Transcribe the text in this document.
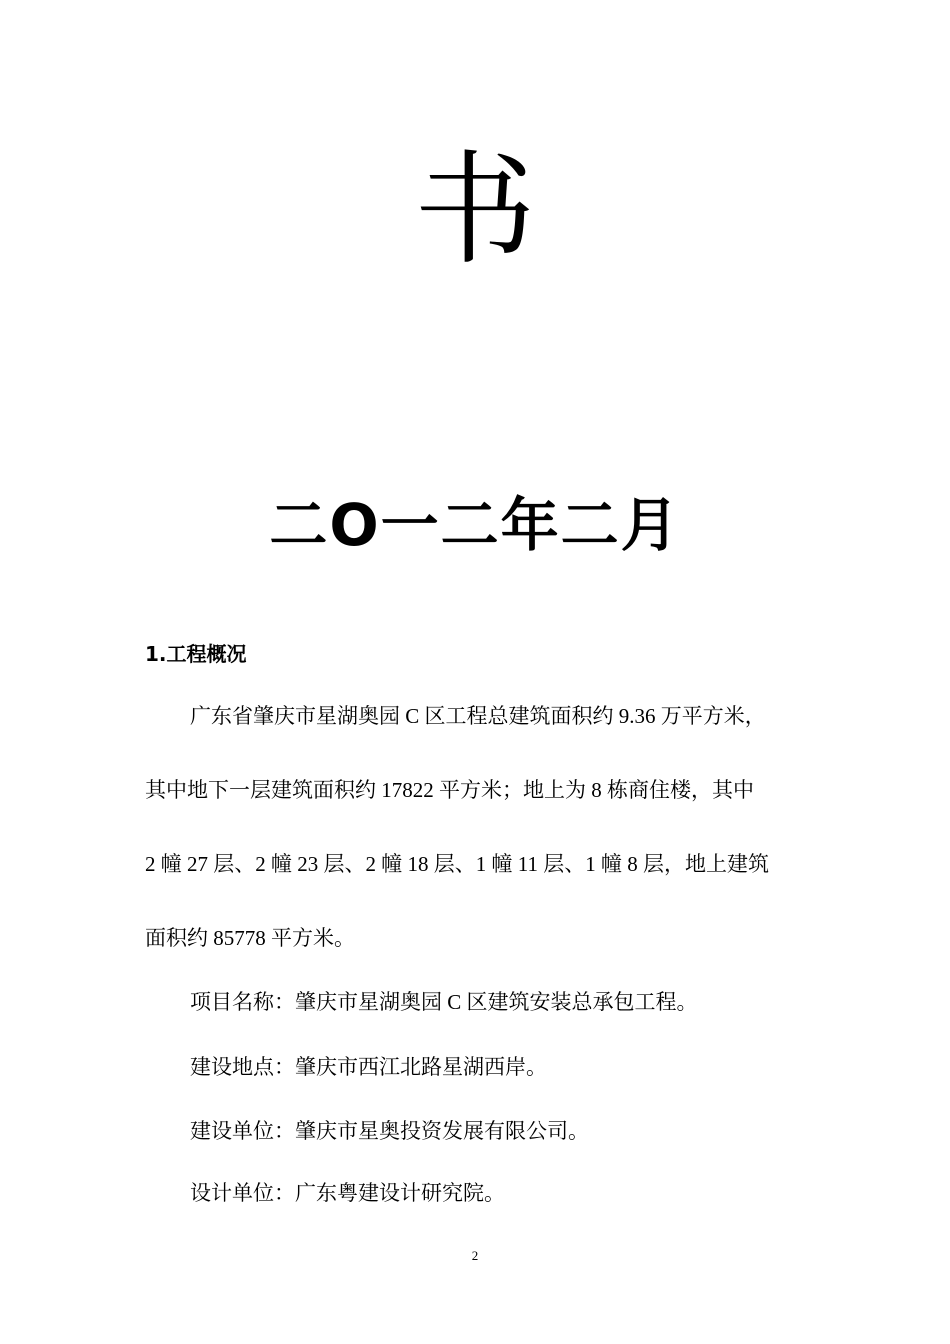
书
二O一二年二月
1.工程概况
广东省肇庆市星湖奥园 C 区工程总建筑面积约 9.36 万平方米，
其中地下一层建筑面积约 17822 平方米；地上为 8 栋商住楼，其中
2 幢 27 层、2 幢 23 层、2 幢 18 层、1 幢 11 层、1 幢 8 层，地上建筑
面积约 85778 平方米。
项目名称：肇庆市星湖奥园 C 区建筑安装总承包工程。
建设地点：肇庆市西江北路星湖西岸。
建设单位：肇庆市星奥投资发展有限公司。
设计单位：广东粤建设计研究院。
2
